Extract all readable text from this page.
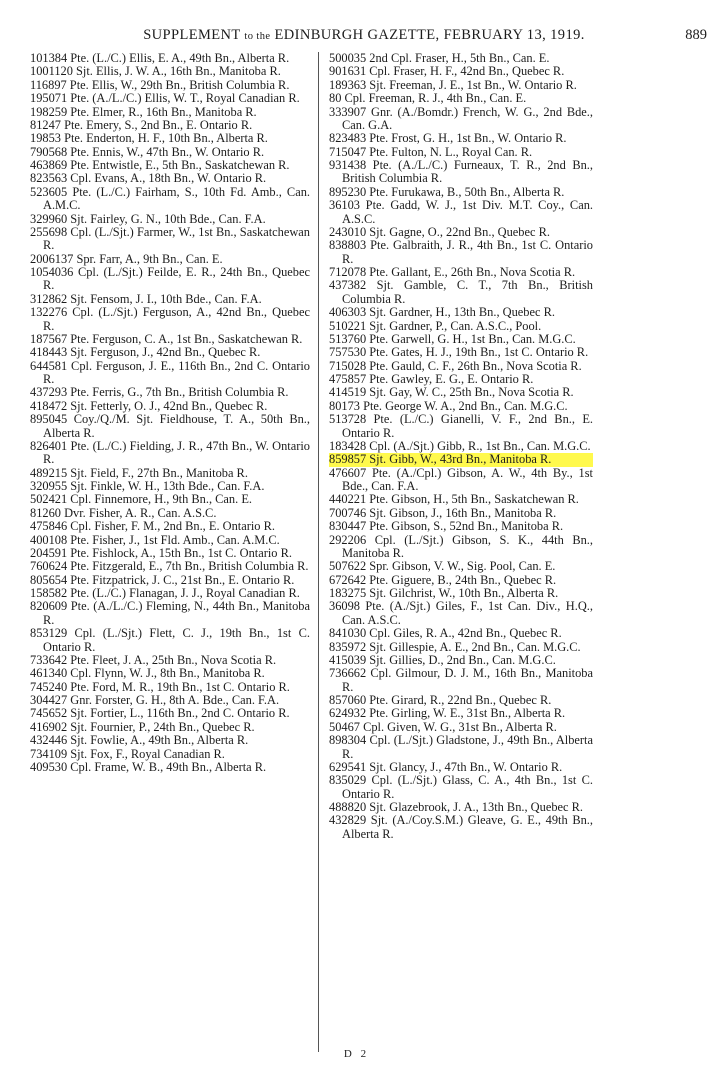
SUPPLEMENT to the EDINBURGH GAZETTE, FEBRUARY 13, 1919.	889
101384 Pte. (L./C.) Ellis, E. A., 49th Bn., Alberta R.
1001120 Sjt. Ellis, J. W. A., 16th Bn., Manitoba R.
116897 Pte. Ellis, W., 29th Bn., British Columbia R.
195071 Pte. (A./L./C.) Ellis, W. T., Royal Canadian R.
198259 Pte. Elmer, R., 16th Bn., Manitoba R.
81247 Pte. Emery, S., 2nd Bn., E. Ontario R.
19853 Pte. Enderton, H. F., 10th Bn., Alberta R.
790568 Pte. Ennis, W., 47th Bn., W. Ontario R.
463869 Pte. Entwistle, E., 5th Bn., Saskatchewan R.
823563 Cpl. Evans, A., 18th Bn., W. Ontario R.
523605 Pte. (L./C.) Fairham, S., 10th Fd. Amb., Can. A.M.C.
329960 Sjt. Fairley, G. N., 10th Bde., Can. F.A.
255698 Cpl. (L./Sjt.) Farmer, W., 1st Bn., Saskatchewan R.
2006137 Spr. Farr, A., 9th Bn., Can. E.
1054036 Cpl. (L./Sjt.) Feilde, E. R., 24th Bn., Quebec R.
312862 Sjt. Fensom, J. I., 10th Bde., Can. F.A.
132276 Cpl. (L./Sjt.) Ferguson, A., 42nd Bn., Quebec R.
187567 Pte. Ferguson, C. A., 1st Bn., Saskatchewan R.
418443 Sjt. Ferguson, J., 42nd Bn., Quebec R.
644581 Cpl. Ferguson, J. E., 116th Bn., 2nd C. Ontario R.
437293 Pte. Ferris, G., 7th Bn., British Columbia R.
418472 Sjt. Fetterly, O. J., 42nd Bn., Quebec R.
895045 Coy./Q./M. Sjt. Fieldhouse, T. A., 50th Bn., Alberta R.
826401 Pte. (L./C.) Fielding, J. R., 47th Bn., W. Ontario R.
489215 Sjt. Field, F., 27th Bn., Manitoba R.
320955 Sjt. Finkle, W. H., 13th Bde., Can. F.A.
502421 Cpl. Finnemore, H., 9th Bn., Can. E.
81260 Dvr. Fisher, A. R., Can. A.S.C.
475846 Cpl. Fisher, F. M., 2nd Bn., E. Ontario R.
400108 Pte. Fisher, J., 1st Fld. Amb., Can. A.M.C.
204591 Pte. Fishlock, A., 15th Bn., 1st C. Ontario R.
760624 Pte. Fitzgerald, E., 7th Bn., British Columbia R.
805654 Pte. Fitzpatrick, J. C., 21st Bn., E. Ontario R.
158582 Pte. (L./C.) Flanagan, J. J., Royal Canadian R.
820609 Pte. (A./L./C.) Fleming, N., 44th Bn., Manitoba R.
853129 Cpl. (L./Sjt.) Flett, C. J., 19th Bn., 1st C. Ontario R.
733642 Pte. Fleet, J. A., 25th Bn., Nova Scotia R.
461340 Cpl. Flynn, W. J., 8th Bn., Manitoba R.
745240 Pte. Ford, M. R., 19th Bn., 1st C. Ontario R.
304427 Gnr. Forster, G. H., 8th A. Bde., Can. F.A.
745652 Sjt. Fortier, L., 116th Bn., 2nd C. Ontario R.
416902 Sjt. Fournier, P., 24th Bn., Quebec R.
432446 Sjt. Fowlie, A., 49th Bn., Alberta R.
734109 Sjt. Fox, F., Royal Canadian R.
409530 Cpl. Frame, W. B., 49th Bn., Alberta R.
500035 2nd Cpl. Fraser, H., 5th Bn., Can. E.
901631 Cpl. Fraser, H. F., 42nd Bn., Quebec R.
189363 Sjt. Freeman, J. E., 1st Bn., W. Ontario R.
80 Cpl. Freeman, R. J., 4th Bn., Can. E.
333907 Gnr. (A./Bomdr.) French, W. G., 2nd Bde., Can. G.A.
823483 Pte. Frost, G. H., 1st Bn., W. Ontario R.
715047 Pte. Fulton, N. L., Royal Can. R.
931438 Pte. (A./L./C.) Furneaux, T. R., 2nd Bn., British Columbia R.
895230 Pte. Furukawa, B., 50th Bn., Alberta R.
36103 Pte. Gadd, W. J., 1st Div. M.T. Coy., Can. A.S.C.
243010 Sjt. Gagne, O., 22nd Bn., Quebec R.
838803 Pte. Galbraith, J. R., 4th Bn., 1st C. Ontario R.
712078 Pte. Gallant, E., 26th Bn., Nova Scotia R.
437382 Sjt. Gamble, C. T., 7th Bn., British Columbia R.
406303 Sjt. Gardner, H., 13th Bn., Quebec R.
510221 Sjt. Gardner, P., Can. A.S.C., Pool.
513760 Pte. Garwell, G. H., 1st Bn., Can. M.G.C.
757530 Pte. Gates, H. J., 19th Bn., 1st C. Ontario R.
715028 Pte. Gauld, C. F., 26th Bn., Nova Scotia R.
475857 Pte. Gawley, E. G., E. Ontario R.
414519 Sjt. Gay, W. C., 25th Bn., Nova Scotia R.
80173 Pte. George W. A., 2nd Bn., Can. M.G.C.
513728 Pte. (L./C.) Gianelli, V. F., 2nd Bn., E. Ontario R.
183428 Cpl. (A./Sjt.) Gibb, R., 1st Bn., Can. M.G.C.
859857 Sjt. Gibb, W., 43rd Bn., Manitoba R.
476607 Pte. (A./Cpl.) Gibson, A. W., 4th By., 1st Bde., Can. F.A.
440221 Pte. Gibson, H., 5th Bn., Saskatchewan R.
700746 Sjt. Gibson, J., 16th Bn., Manitoba R.
830447 Pte. Gibson, S., 52nd Bn., Manitoba R.
292206 Cpl. (L./Sjt.) Gibson, S. K., 44th Bn., Manitoba R.
507622 Spr. Gibson, V. W., Sig. Pool, Can. E.
672642 Pte. Giguere, B., 24th Bn., Quebec R.
183275 Sjt. Gilchrist, W., 10th Bn., Alberta R.
36098 Pte. (A./Sjt.) Giles, F., 1st Can. Div., H.Q., Can. A.S.C.
841030 Cpl. Giles, R. A., 42nd Bn., Quebec R.
835972 Sjt. Gillespie, A. E., 2nd Bn., Can. M.G.C.
415039 Sjt. Gillies, D., 2nd Bn., Can. M.G.C.
736662 Cpl. Gilmour, D. J. M., 16th Bn., Manitoba R.
857060 Pte. Girard, R., 22nd Bn., Quebec R.
624932 Pte. Girling, W. E., 31st Bn., Alberta R.
50467 Cpl. Given, W. G., 31st Bn., Alberta R.
898304 Cpl. (L./Sjt.) Gladstone, J., 49th Bn., Alberta R.
629541 Sjt. Glancy, J., 47th Bn., W. Ontario R.
835029 Cpl. (L./Sjt.) Glass, C. A., 4th Bn., 1st C. Ontario R.
488820 Sjt. Glazebrook, J. A., 13th Bn., Quebec R.
432829 Sjt. (A./Coy.S.M.) Gleave, G. E., 49th Bn., Alberta R.
D 2
